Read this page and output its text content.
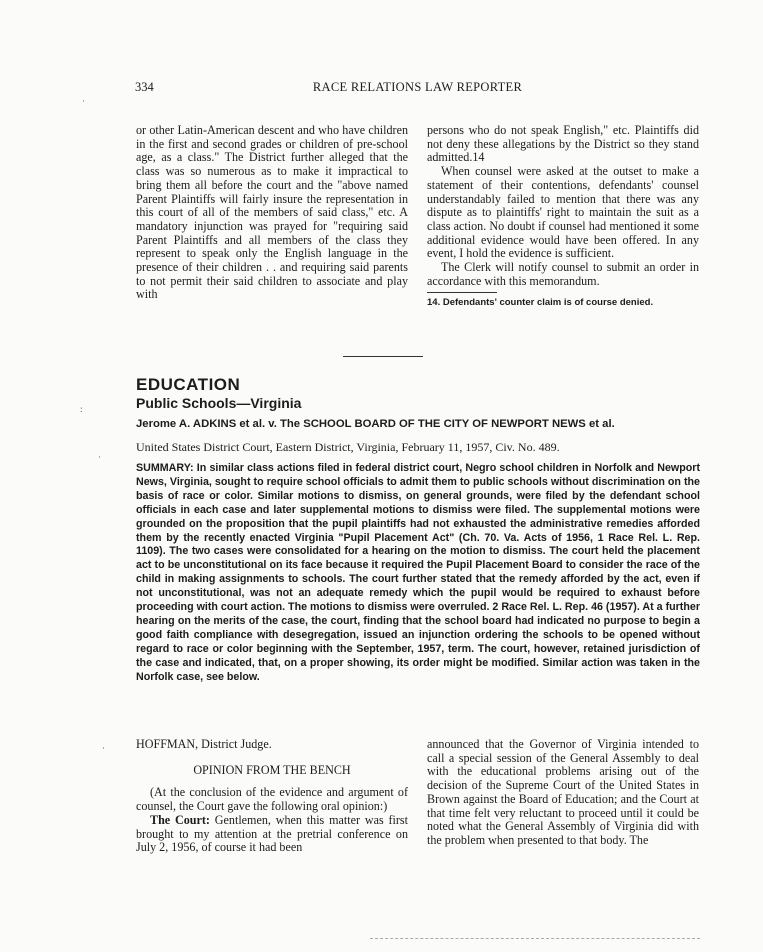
334	RACE RELATIONS LAW REPORTER

or other Latin-American descent and who have children in the first and second grades or children of pre-school age, as a class." The District further alleged that the class was so numerous as to make it impractical to bring them all before the court and the "above named Parent Plaintiffs will fairly insure the representation in this court of all of the members of said class," etc. A mandatory injunction was prayed for "requiring said Parent Plaintiffs and all members of the class they represent to speak only the English language in the presence of their children . . and requiring said parents to not permit their said children to associate and play with

persons who do not speak English," etc. Plaintiffs did not deny these allegations by the District so they stand admitted.14

When counsel were asked at the outset to make a statement of their contentions, defendants' counsel understandably failed to mention that there was any dispute as to plaintiffs' right to maintain the suit as a class action. No doubt if counsel had mentioned it some additional evidence would have been offered. In any event, I hold the evidence is sufficient.

The Clerk will notify counsel to submit an order in accordance with this memorandum.

14. Defendants' counter claim is of course denied.

EDUCATION
Public Schools—Virginia
Jerome A. ADKINS et al. v. The SCHOOL BOARD OF THE CITY OF NEWPORT NEWS et al.
United States District Court, Eastern District, Virginia, February 11, 1957, Civ. No. 489.

SUMMARY: In similar class actions filed in federal district court, Negro school children in Norfolk and Newport News, Virginia, sought to require school officials to admit them to public schools without discrimination on the basis of race or color. Similar motions to dismiss, on general grounds, were filed by the defendant school officials in each case and later supplemental motions to dismiss were filed. The supplemental motions were grounded on the proposition that the pupil plaintiffs had not exhausted the administrative remedies afforded them by the recently enacted Virginia "Pupil Placement Act" (Ch. 70. Va. Acts of 1956, 1 Race Rel. L. Rep. 1109). The two cases were consolidated for a hearing on the motion to dismiss. The court held the placement act to be unconstitutional on its face because it required the Pupil Placement Board to consider the race of the child in making assignments to schools. The court further stated that the remedy afforded by the act, even if not unconstitutional, was not an adequate remedy which the pupil would be required to exhaust before proceeding with court action. The motions to dismiss were overruled. 2 Race Rel. L. Rep. 46 (1957). At a further hearing on the merits of the case, the court, finding that the school board had indicated no purpose to begin a good faith compliance with desegregation, issued an injunction ordering the schools to be opened without regard to race or color beginning with the September, 1957, term. The court, however, retained jurisdiction of the case and indicated, that, on a proper showing, its order might be modified. Similar action was taken in the Norfolk case, see below.

HOFFMAN, District Judge.

OPINION FROM THE BENCH

(At the conclusion of the evidence and argument of counsel, the Court gave the following oral opinion:)

The Court: Gentlemen, when this matter was first brought to my attention at the pretrial conference on July 2, 1956, of course it had been

announced that the Governor of Virginia intended to call a special session of the General Assembly to deal with the educational problems arising out of the decision of the Supreme Court of the United States in Brown against the Board of Education; and the Court at that time felt very reluctant to proceed until it could be noted what the General Assembly of Virginia did with the problem when presented to that body. The

·
:
·
·
